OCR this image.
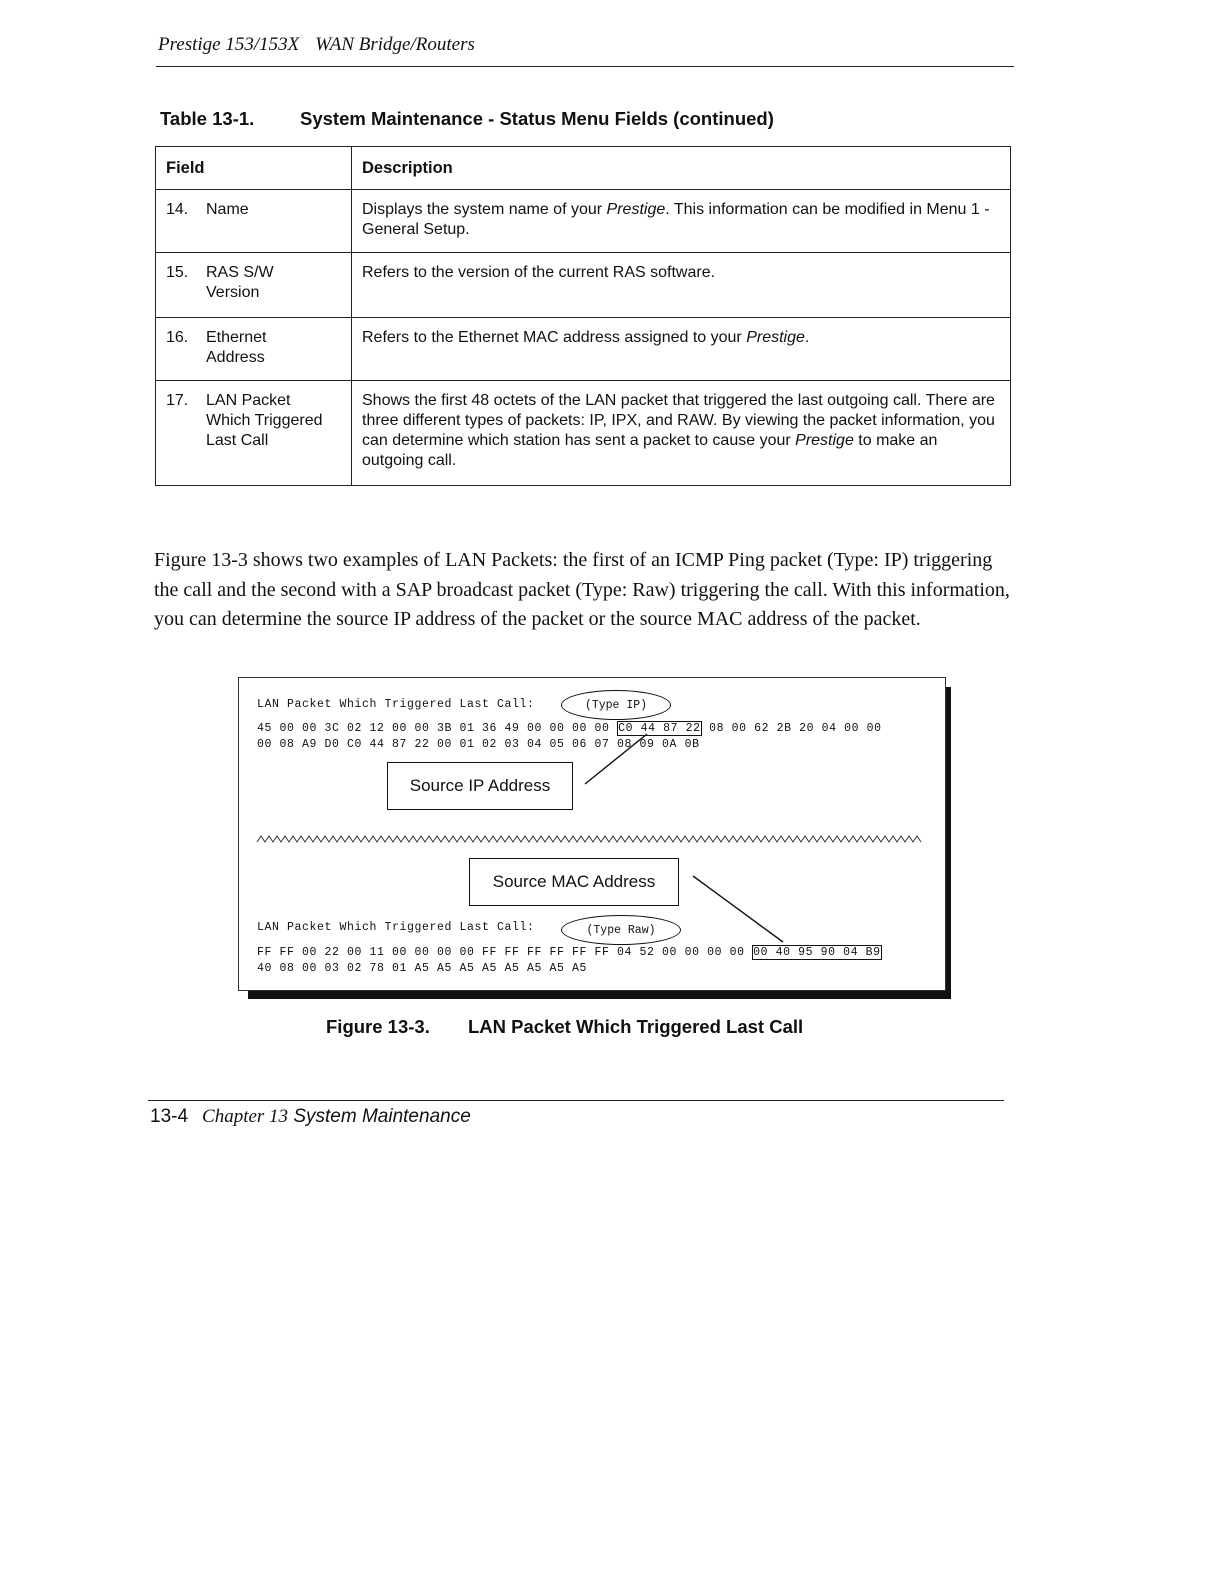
Prestige 153/153X WAN Bridge/Routers
Table 13-1. System Maintenance - Status Menu Fields (continued)
Field	Description
14. Name	Displays the system name of your Prestige. This information can be modified in Menu 1 - General Setup.
15. RAS S/W Version	Refers to the version of the current RAS software.
16. Ethernet Address	Refers to the Ethernet MAC address assigned to your Prestige.
17. LAN Packet Which Triggered Last Call	Shows the first 48 octets of the LAN packet that triggered the last outgoing call. There are three different types of packets: IP, IPX, and RAW. By viewing the packet information, you can determine which station has sent a packet to cause your Prestige to make an outgoing call.
Figure 13-3 shows two examples of LAN Packets: the first of an ICMP Ping packet (Type: IP) triggering the call and the second with a SAP broadcast packet (Type: Raw) triggering the call. With this information, you can determine the source IP address of the packet or the source MAC address of the packet.
LAN Packet Which Triggered Last Call:	(Type IP)
45 00 00 3C 02 12 00 00 3B 01 36 49 00 00 00 00 C0 44 87 22 08 00 62 2B 20 04 00 00
00 08 A9 D0 C0 44 87 22 00 01 02 03 04 05 06 07 08 09 0A 0B
Source IP Address
Source MAC Address
LAN Packet Which Triggered Last Call:	(Type Raw)
FF FF 00 22 00 11 00 00 00 00 FF FF FF FF FF FF 04 52 00 00 00 00 00 40 95 90 04 B9
40 08 00 03 02 78 01 A5 A5 A5 A5 A5 A5 A5 A5
Figure 13-3. LAN Packet Which Triggered Last Call
13-4 Chapter 13 System Maintenance
